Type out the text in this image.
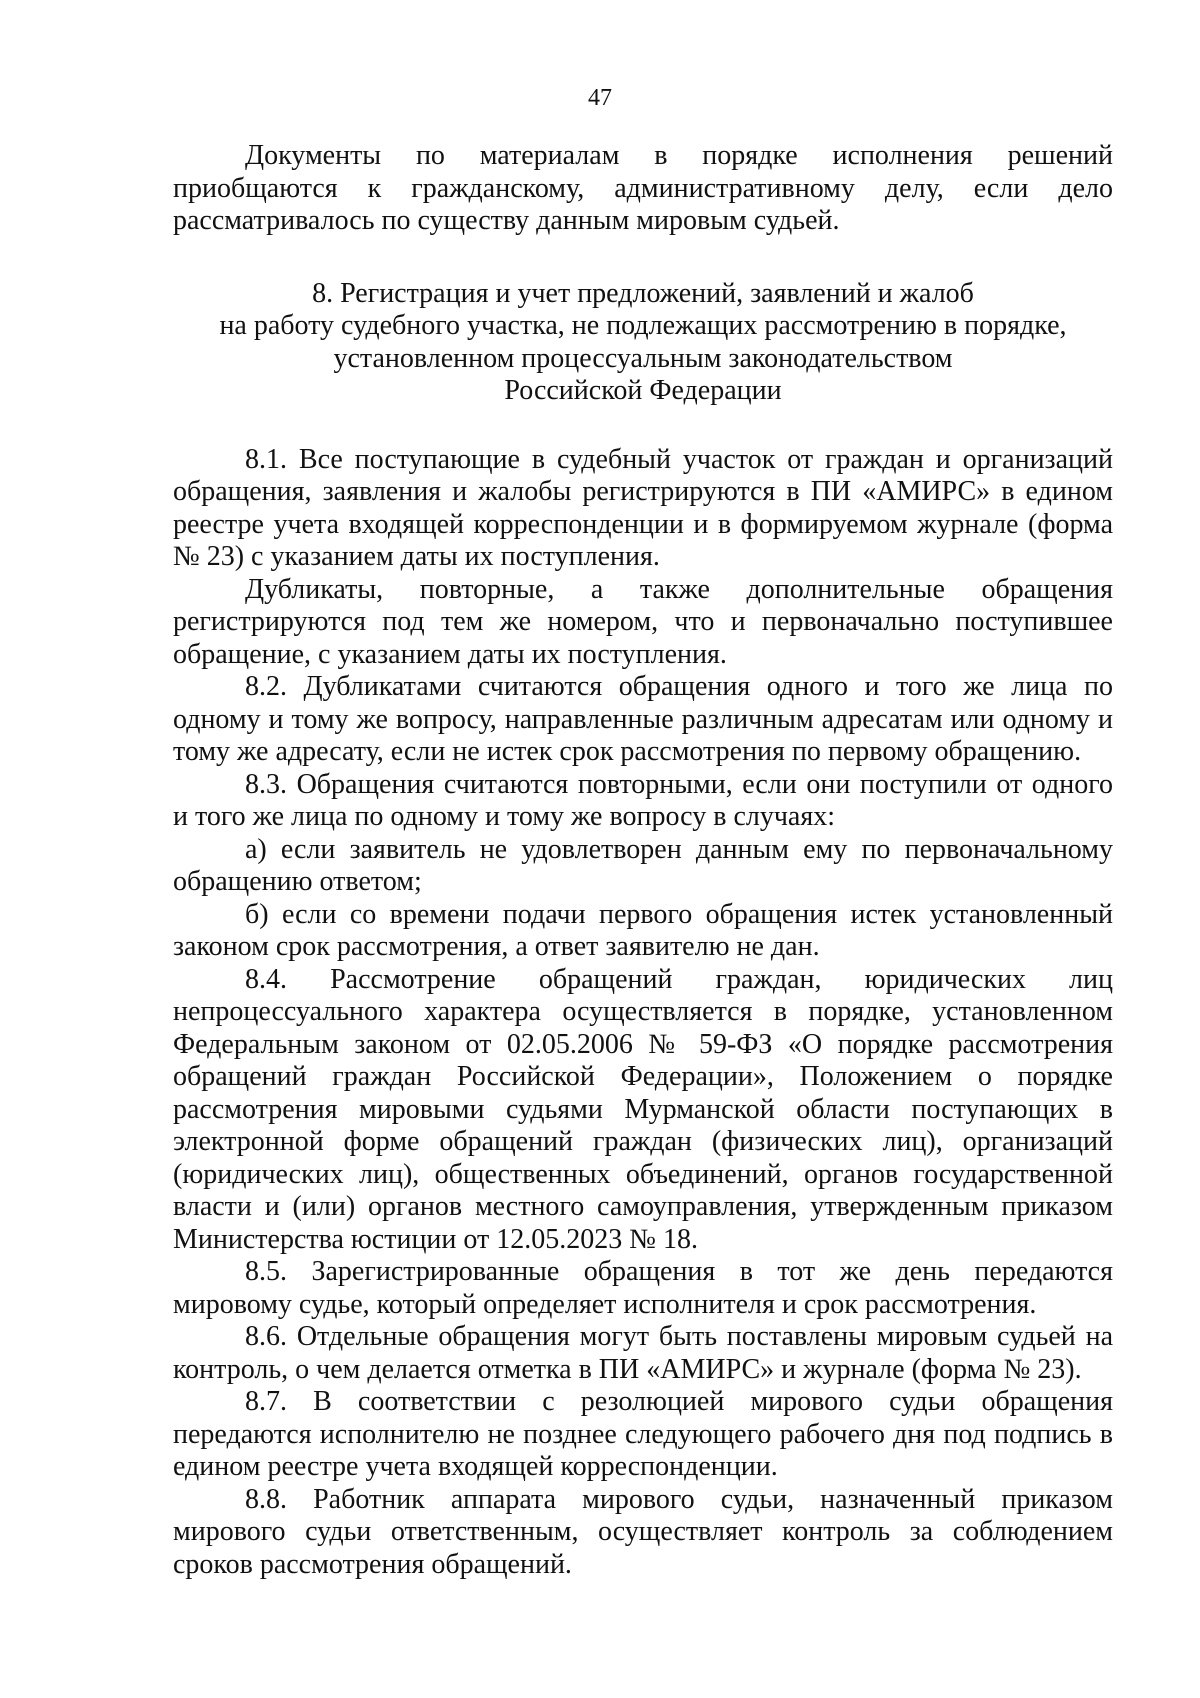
47

Документы по материалам в порядке исполнения решений приобщаются к гражданскому, административному делу, если дело рассматривалось по существу данным мировым судьей.

8. Регистрация и учет предложений, заявлений и жалоб
на работу судебного участка, не подлежащих рассмотрению в порядке,
установленном процессуальным законодательством
Российской Федерации

8.1. Все поступающие в судебный участок от граждан и организаций обращения, заявления и жалобы регистрируются в ПИ «АМИРС» в едином реестре учета входящей корреспонденции и в формируемом журнале (форма № 23) с указанием даты их поступления.

Дубликаты, повторные, а также дополнительные обращения регистрируются под тем же номером, что и первоначально поступившее обращение, с указанием даты их поступления.

8.2. Дубликатами считаются обращения одного и того же лица по одному и тому же вопросу, направленные различным адресатам или одному и тому же адресату, если не истек срок рассмотрения по первому обращению.

8.3. Обращения считаются повторными, если они поступили от одного и того же лица по одному и тому же вопросу в случаях:

а) если заявитель не удовлетворен данным ему по первоначальному обращению ответом;

б) если со времени подачи первого обращения истек установленный законом срок рассмотрения, а ответ заявителю не дан.

8.4. Рассмотрение обращений граждан, юридических лиц непроцессуального характера осуществляется в порядке, установленном Федеральным законом от 02.05.2006 № 59-ФЗ «О порядке рассмотрения обращений граждан Российской Федерации», Положением о порядке рассмотрения мировыми судьями Мурманской области поступающих в электронной форме обращений граждан (физических лиц), организаций (юридических лиц), общественных объединений, органов государственной власти и (или) органов местного самоуправления, утвержденным приказом Министерства юстиции от 12.05.2023 № 18.

8.5. Зарегистрированные обращения в тот же день передаются мировому судье, который определяет исполнителя и срок рассмотрения.

8.6. Отдельные обращения могут быть поставлены мировым судьей на контроль, о чем делается отметка в ПИ «АМИРС» и журнале (форма № 23).

8.7. В соответствии с резолюцией мирового судьи обращения передаются исполнителю не позднее следующего рабочего дня под подпись в едином реестре учета входящей корреспонденции.

8.8. Работник аппарата мирового судьи, назначенный приказом мирового судьи ответственным, осуществляет контроль за соблюдением сроков рассмотрения обращений.
